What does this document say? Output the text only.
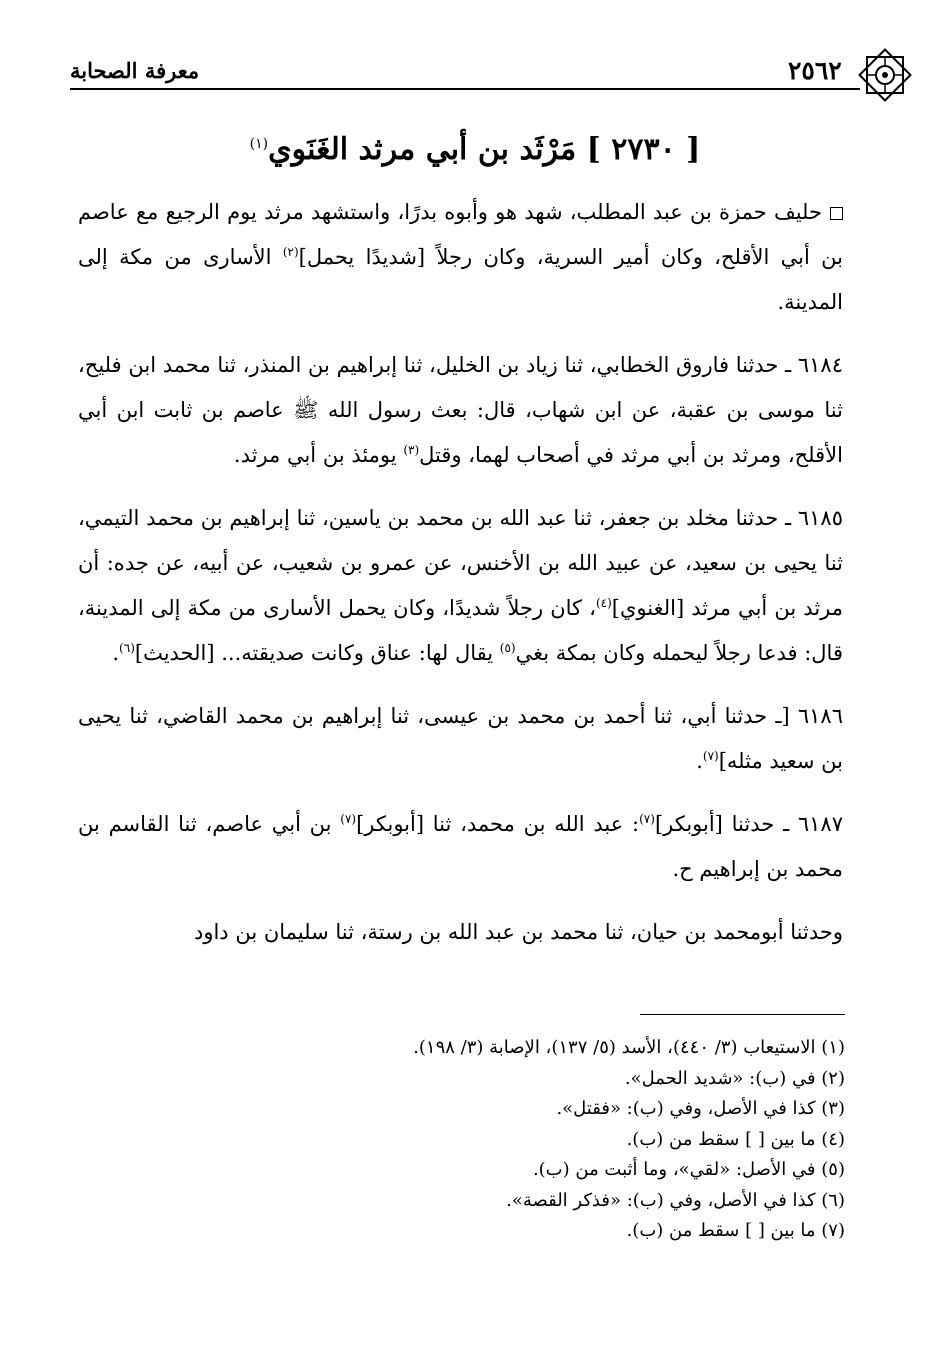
معرفة الصحابة	٢٥٦٢
[ ٢٧٣٠ ] مَرْثَد بن أبي مرثد الغَنَوي$^{(١)}$

حليف حمزة بن عبد المطلب، شهد هو وأبوه بدرًا، واستشهد مرثد يوم الرجيع مع عاصم بن أبي الأقلح، وكان أمير السرية، وكان رجلاً [شديدًا يحمل]$^{(٢)}$ الأسارى من مكة إلى المدينة.

٦١٨٤ ـ حدثنا فاروق الخطابي، ثنا زياد بن الخليل، ثنا إبراهيم بن المنذر، ثنا محمد ابن فليح، ثنا موسى بن عقبة، عن ابن شهاب، قال: بعث رسول الله ﷺ عاصم بن ثابت ابن أبي الأقلح، ومرثد بن أبي مرثد في أصحاب لهما، وقتل$^{(٣)}$ يومئذ بن أبي مرثد.

٦١٨٥ ـ حدثنا مخلد بن جعفر، ثنا عبد الله بن محمد بن ياسين، ثنا إبراهيم بن محمد التيمي، ثنا يحيى بن سعيد، عن عبيد الله بن الأخنس، عن عمرو بن شعيب، عن أبيه، عن جده: أن مرثد بن أبي مرثد [الغنوي]$^{(٤)}$، كان رجلاً شديدًا، وكان يحمل الأسارى من مكة إلى المدينة، قال: فدعا رجلاً ليحمله وكان بمكة بغي$^{(٥)}$ يقال لها: عناق وكانت صديقته... [الحديث]$^{(٦)}$.

٦١٨٦ [ـ حدثنا أبي، ثنا أحمد بن محمد بن عيسى، ثنا إبراهيم بن محمد القاضي، ثنا يحيى بن سعيد مثله]$^{(٧)}$.

٦١٨٧ ـ حدثنا [أبوبكر]$^{(٧)}$: عبد الله بن محمد، ثنا [أبوبكر]$^{(٧)}$ بن أبي عاصم، ثنا القاسم بن محمد بن إبراهيم ح.

وحدثنا أبومحمد بن حيان، ثنا محمد بن عبد الله بن رستة، ثنا سليمان بن داود

(١) الاستيعاب (٣/ ٤٤٠)، الأسد (٥/ ١٣٧)، الإصابة (٣/ ١٩٨).
(٢) في (ب): «شديد الحمل».
(٣) كذا في الأصل، وفي (ب): «فقتل».
(٤) ما بين [ ] سقط من (ب).
(٥) في الأصل: «لقي»، وما أثبت من (ب).
(٦) كذا في الأصل، وفي (ب): «فذكر القصة».
(٧) ما بين [ ] سقط من (ب).
